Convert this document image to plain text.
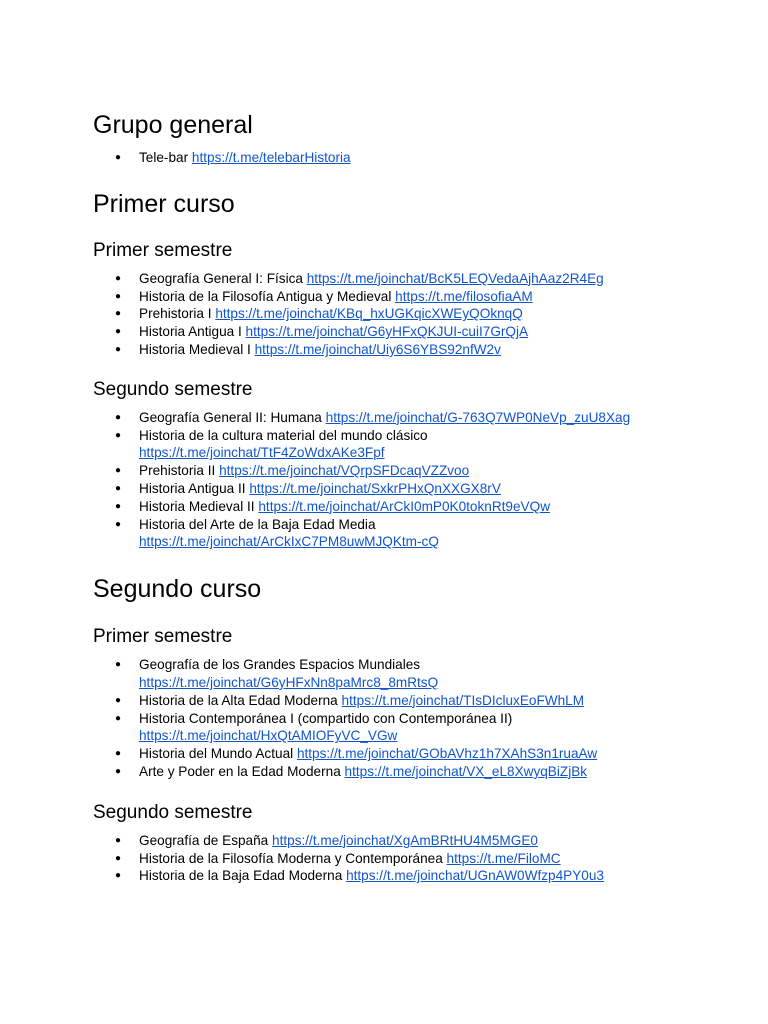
Grupo general
● Tele-bar https://t.me/telebarHistoria
Primer curso
Primer semestre
● Geografía General I: Física https://t.me/joinchat/BcK5LEQVedaAjhAaz2R4Eg
● Historia de la Filosofía Antigua y Medieval https://t.me/filosofiaAM
● Prehistoria I https://t.me/joinchat/KBq_hxUGKqicXWEyQOknqQ
● Historia Antigua I https://t.me/joinchat/G6yHFxQKJUI-cuiI7GrQjA
● Historia Medieval I https://t.me/joinchat/Uiy6S6YBS92nfW2v
Segundo semestre
● Geografía General II: Humana https://t.me/joinchat/G-763Q7WP0NeVp_zuU8Xag
● Historia de la cultura material del mundo clásico
https://t.me/joinchat/TtF4ZoWdxAKe3Fpf
● Prehistoria II https://t.me/joinchat/VQrpSFDcaqVZZvoo
● Historia Antigua II https://t.me/joinchat/SxkrPHxQnXXGX8rV
● Historia Medieval II https://t.me/joinchat/ArCkI0mP0K0toknRt9eVQw
● Historia del Arte de la Baja Edad Media
https://t.me/joinchat/ArCkIxC7PM8uwMJQKtm-cQ
Segundo curso
Primer semestre
● Geografía de los Grandes Espacios Mundiales
https://t.me/joinchat/G6yHFxNn8paMrc8_8mRtsQ
● Historia de la Alta Edad Moderna https://t.me/joinchat/TIsDIcluxEoFWhLM
● Historia Contemporánea I (compartido con Contemporánea II)
https://t.me/joinchat/HxQtAMIOFyVC_VGw
● Historia del Mundo Actual https://t.me/joinchat/GObAVhz1h7XAhS3n1ruaAw
● Arte y Poder en la Edad Moderna https://t.me/joinchat/VX_eL8XwyqBiZjBk
Segundo semestre
● Geografía de España https://t.me/joinchat/XgAmBRtHU4M5MGE0
● Historia de la Filosofía Moderna y Contemporánea https://t.me/FiloMC
● Historia de la Baja Edad Moderna https://t.me/joinchat/UGnAW0Wfzp4PY0u3
